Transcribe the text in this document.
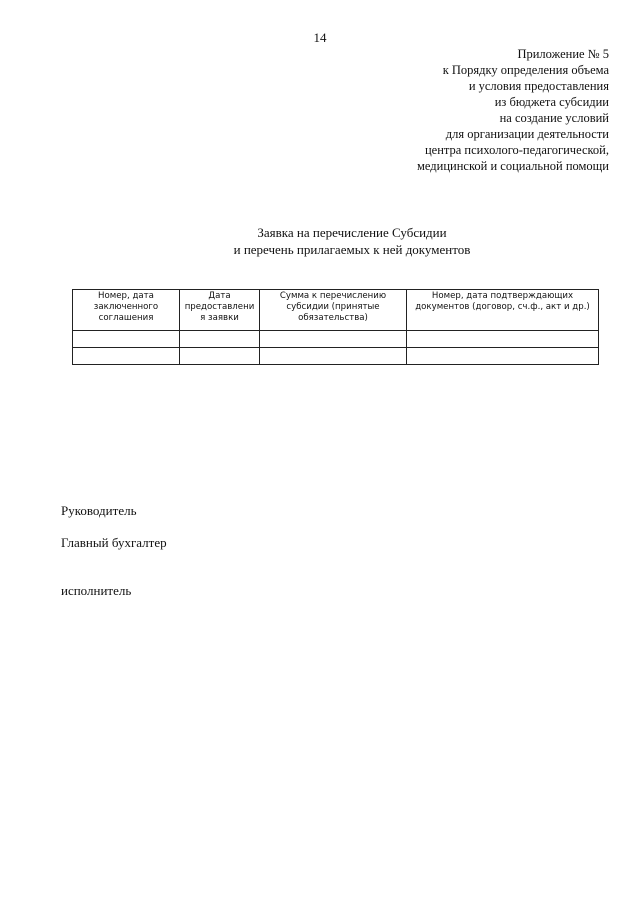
14
Приложение № 5
к Порядку определения объема
и условия предоставления
из бюджета субсидии
на создание условий
для организации деятельности
центра психолого-педагогической,
медицинской и социальной помощи
Заявка на перечисление Субсидии
и перечень прилагаемых к ней документов
Номер, дата заключенного соглашения	Дата предоставлени я заявки	Сумма к перечислению субсидии (принятые обязательства)	Номер, дата подтверждающих документов (договор, сч.ф., акт и др.)

Руководитель
Главный бухгалтер
исполнитель
